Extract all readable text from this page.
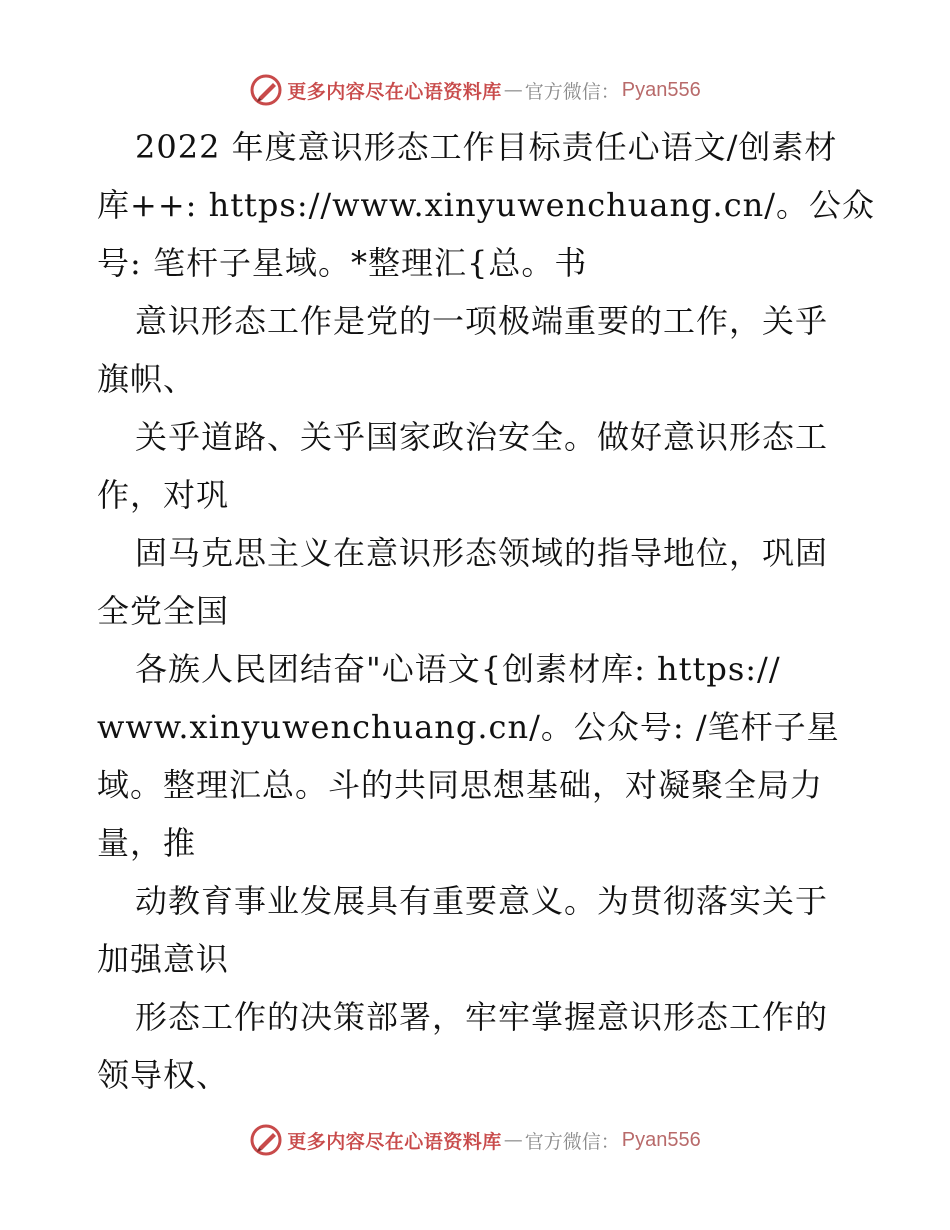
更多内容尽在心语资料库 — 官方微信： Pyan556
2022 年度意识形态工作目标责任心语文/创素材
库++: https://www.xinyuwenchuang.cn/。公众
号: 笔杆子星域。*整理汇{总。书
意识形态工作是党的一项极端重要的工作，关乎
旗帜、
关乎道路、关乎国家政治安全。做好意识形态工
作，对巩
固马克思主义在意识形态领域的指导地位，巩固
全党全国
各族人民团结奋"心语文{创素材库: https://
www.xinyuwenchuang.cn/。公众号: /笔杆子星
域。整理汇总。斗的共同思想基础，对凝聚全局力
量，推
动教育事业发展具有重要意义。为贯彻落实关于
加强意识
形态工作的决策部署，牢牢掌握意识形态工作的
领导权、
更多内容尽在心语资料库 — 官方微信： Pyan556
